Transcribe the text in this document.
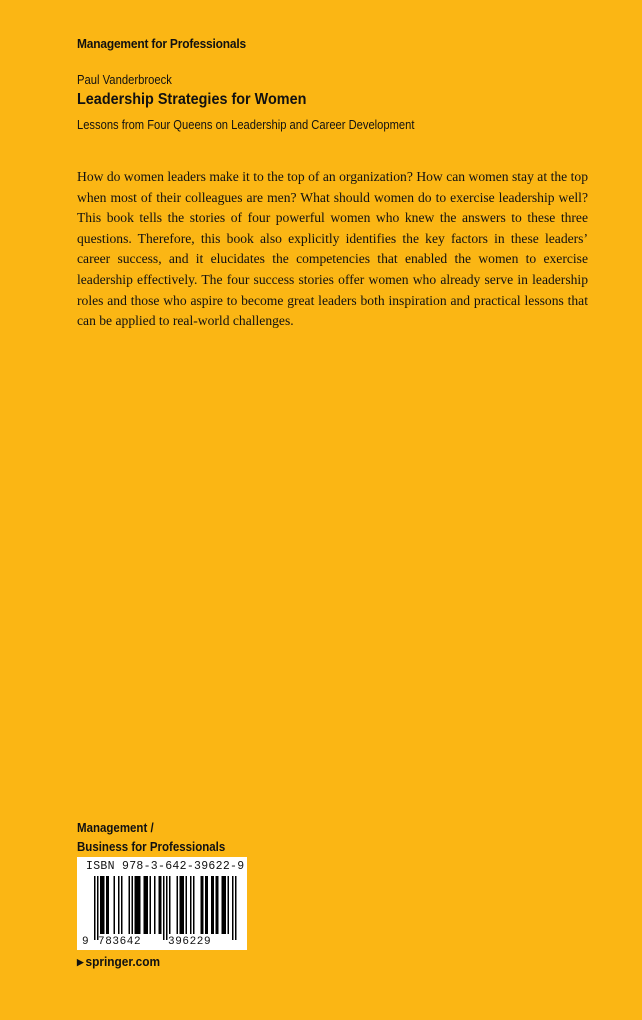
Management for Professionals
Paul Vanderbroeck
Leadership Strategies for Women
Lessons from Four Queens on Leadership and Career Development

How do women leaders make it to the top of an organization? How can women stay at the top when most of their colleagues are men? What should women do to exercise leadership well? This book tells the stories of four powerful women who knew the answers to these three questions. Therefore, this book also explicitly identifies the key factors in these leaders’ career success, and it elucidates the competencies that enabled the women to exercise leadership effectively. The four success stories offer women who already serve in leadership roles and those who aspire to become great leaders both inspiration and practical lessons that can be applied to real-world challenges.

Management /
Business for Professionals
ISBN 978-3-642-39622-9
9 783642 396229
▶ springer.com
